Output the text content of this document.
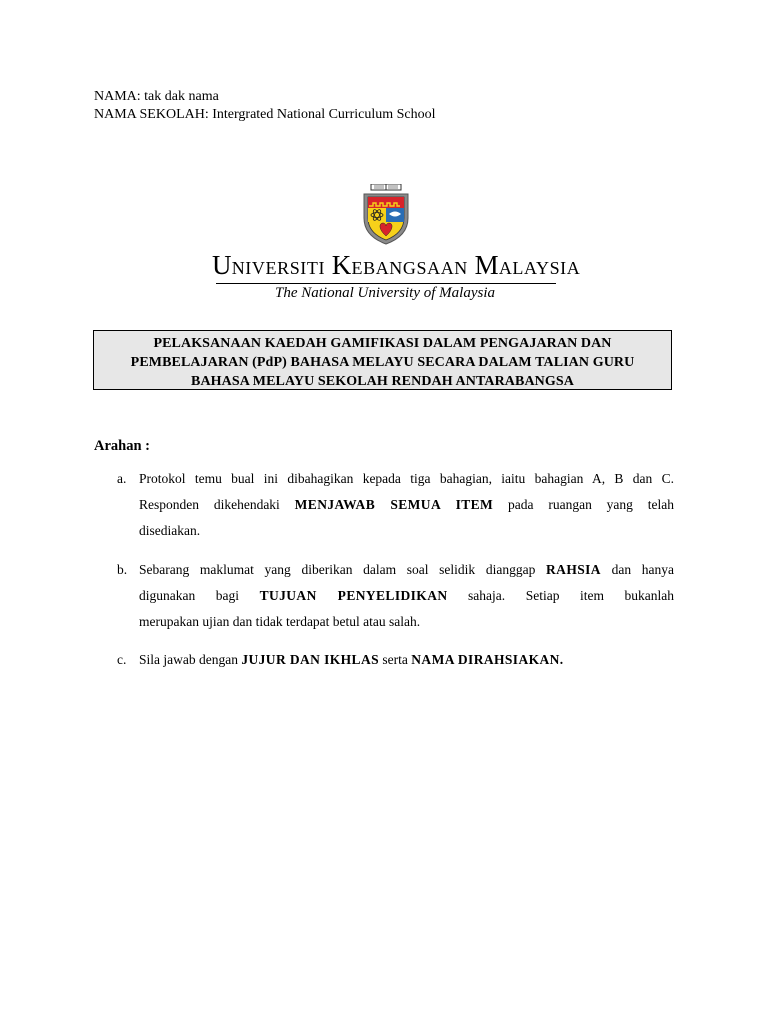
NAMA: tak dak nama
NAMA SEKOLAH: Intergrated National Curriculum School
UNIVERSITI KEBANGSAAN MALAYSIA
The National University of Malaysia
PELAKSANAAN KAEDAH GAMIFIKASI DALAM PENGAJARAN DAN
PEMBELAJARAN (PdP) BAHASA MELAYU SECARA DALAM TALIAN GURU
BAHASA MELAYU SEKOLAH RENDAH ANTARABANGSA
Arahan :
a. Protokol temu bual ini dibahagikan kepada tiga bahagian, iaitu bahagian A, B dan C.
Responden dikehendaki MENJAWAB SEMUA ITEM pada ruangan yang telah
disediakan.
b. Sebarang maklumat yang diberikan dalam soal selidik dianggap RAHSIA dan hanya
digunakan bagi TUJUAN PENYELIDIKAN sahaja. Setiap item bukanlah
merupakan ujian dan tidak terdapat betul atau salah.
c. Sila jawab dengan JUJUR DAN IKHLAS serta NAMA DIRAHSIAKAN.
